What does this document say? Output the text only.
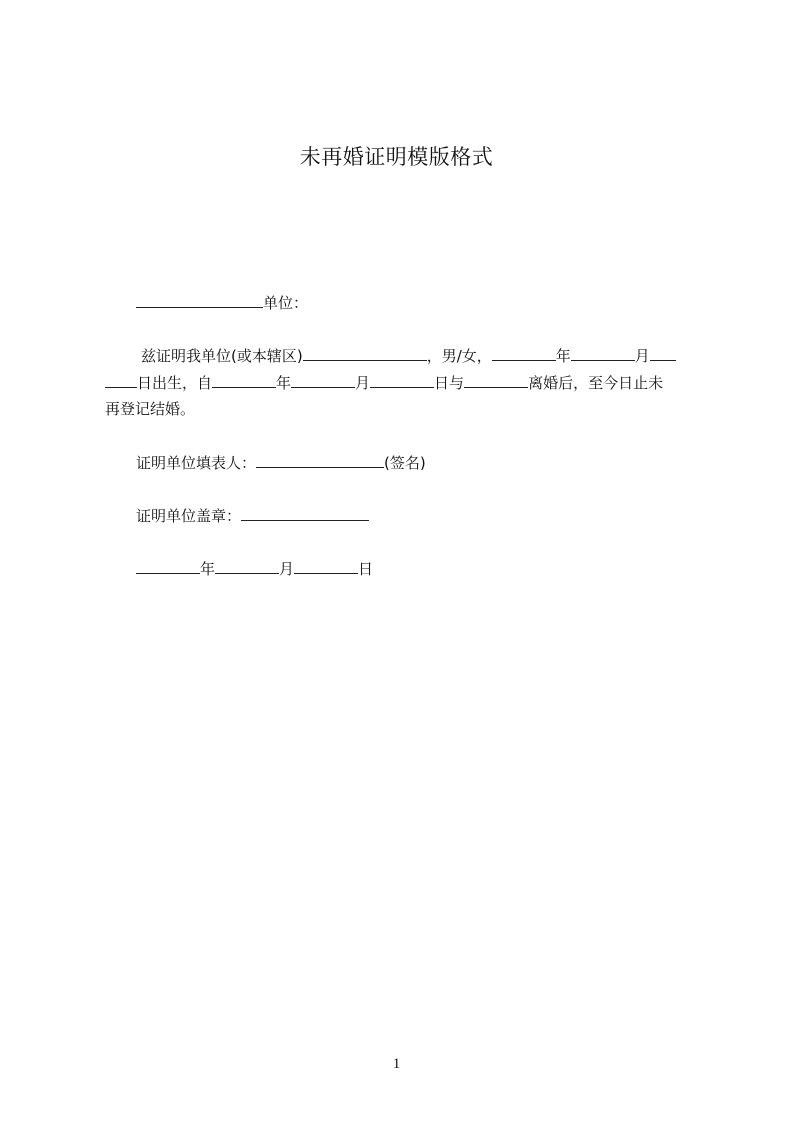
未再婚证明模版格式
单位：
兹证明我单位(或本辖区)	，男/女，	年	月
日出生，自	年	月	日与	离婚后，至今日止未
再登记结婚。
证明单位填表人：	(签名)
证明单位盖章：
年	月	日
1
